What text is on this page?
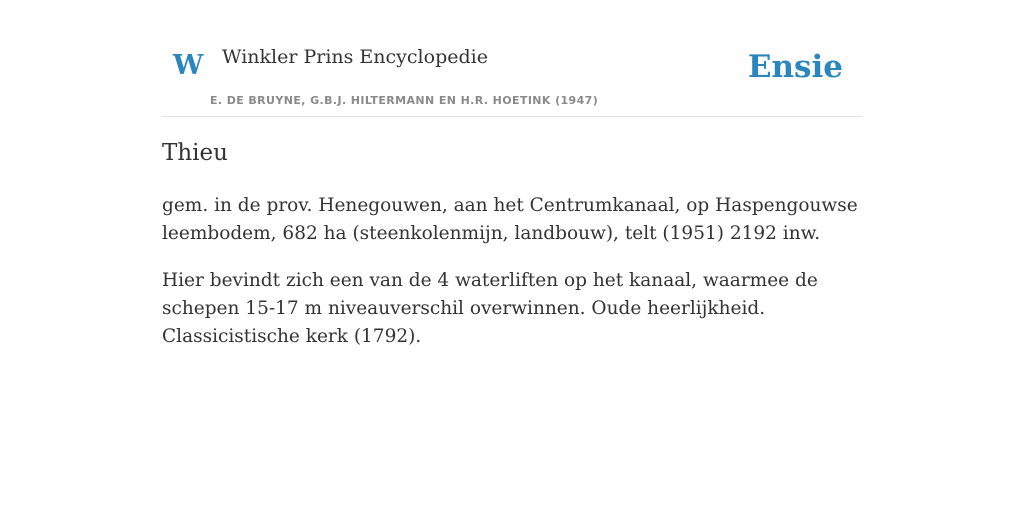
W Winkler Prins Encyclopedie
E. DE BRUYNE, G.B.J. HILTERMANN EN H.R. HOETINK (1947)
Ensie
Thieu

gem. in de prov. Henegouwen, aan het Centrumkanaal, op Haspengouwse leembodem, 682 ha (steenkolenmijn, landbouw), telt (1951) 2192 inw.

Hier bevindt zich een van de 4 waterliften op het kanaal, waarmee de schepen 15-17 m niveauverschil overwinnen. Oude heerlijkheid. Classicistische kerk (1792).
